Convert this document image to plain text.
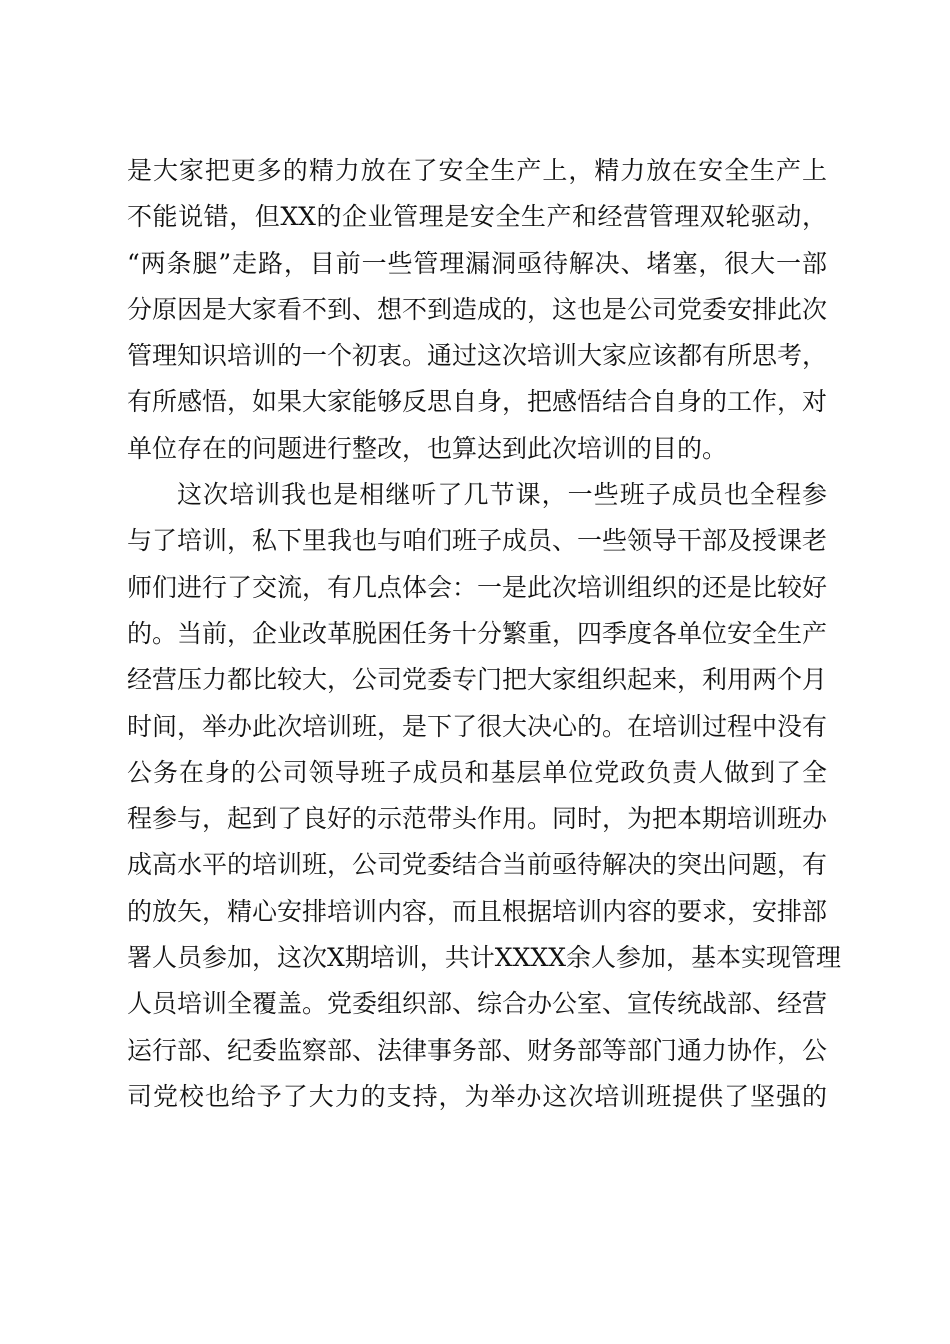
是大家把更多的精力放在了安全生产上，精力放在安全生产上
不能说错，但XX的企业管理是安全生产和经营管理双轮驱动，
“两条腿”走路，目前一些管理漏洞亟待解决、堵塞，很大一部
分原因是大家看不到、想不到造成的，这也是公司党委安排此次
管理知识培训的一个初衷。通过这次培训大家应该都有所思考，
有所感悟，如果大家能够反思自身，把感悟结合自身的工作，对
单位存在的问题进行整改，也算达到此次培训的目的。
这次培训我也是相继听了几节课，一些班子成员也全程参
与了培训，私下里我也与咱们班子成员、一些领导干部及授课老
师们进行了交流，有几点体会：一是此次培训组织的还是比较好
的。当前，企业改革脱困任务十分繁重，四季度各单位安全生产
经营压力都比较大，公司党委专门把大家组织起来，利用两个月
时间，举办此次培训班，是下了很大决心的。在培训过程中没有
公务在身的公司领导班子成员和基层单位党政负责人做到了全
程参与，起到了良好的示范带头作用。同时，为把本期培训班办
成高水平的培训班，公司党委结合当前亟待解决的突出问题，有
的放矢，精心安排培训内容，而且根据培训内容的要求，安排部
署人员参加，这次X期培训，共计XXXX余人参加，基本实现管理
人员培训全覆盖。党委组织部、综合办公室、宣传统战部、经营
运行部、纪委监察部、法律事务部、财务部等部门通力协作，公
司党校也给予了大力的支持，为举办这次培训班提供了坚强的
